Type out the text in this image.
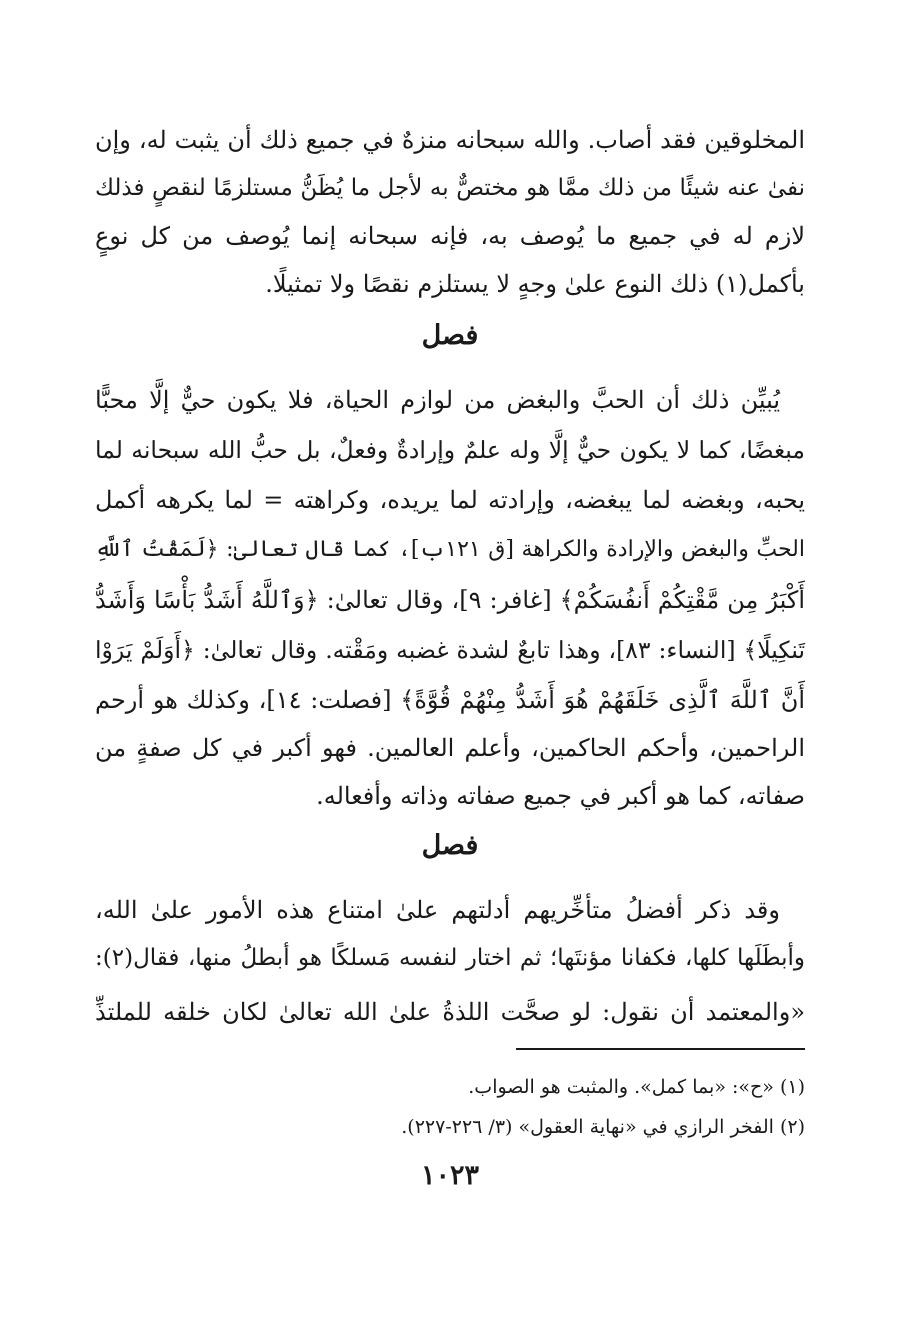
المخلوقين فقد أصاب. والله سبحانه منزهٌ في جميع ذلك أن يثبت له، وإن
نفىٰ عنه شيئًا من ذلك ممَّا هو مختصٌّ به لأجل ما يُظَنُّ مستلزمًا لنقصٍ فذلك
لازم له في جميع ما يُوصف به، فإنه سبحانه إنما يُوصف من كل نوعٍ
بأكمل(١) ذلك النوع علىٰ وجهٍ لا يستلزم نقصًا ولا تمثيلًا.
فصل
يُبيِّن ذلك أن الحبَّ والبغض من لوازم الحياة، فلا يكون حيٌّ إلَّا محبًّا
مبغضًا، كما لا يكون حيٌّ إلَّا وله علمٌ وإرادةٌ وفعلٌ، بل حبُّ الله سبحانه لما
يحبه، وبغضه لما يبغضه، وإرادته لما يريده، وكراهته = لما يكرهه أكمل
الحبِّ والبغض والإرادة والكراهة [ق ١٢١ب]، كما قال تعالىٰ: ﴿لَمَقْتُ ٱللَّهِ
أَكْبَرُ مِن مَّقْتِكُمْ أَنفُسَكُمْ﴾ [غافر: ٩]، وقال تعالىٰ: ﴿وَٱللَّهُ أَشَدُّ بَأْسًا وَأَشَدُّ
تَنكِيلًا﴾ [النساء: ٨٣]، وهذا تابعٌ لشدة غضبه ومَقْته. وقال تعالىٰ: ﴿أَوَلَمْ يَرَوْا
أَنَّ ٱللَّهَ ٱلَّذِى خَلَقَهُمْ هُوَ أَشَدُّ مِنْهُمْ قُوَّةً﴾ [فصلت: ١٤]، وكذلك هو أرحم
الراحمين، وأحكم الحاكمين، وأعلم العالمين. فهو أكبر في كل صفةٍ من
صفاته، كما هو أكبر في جميع صفاته وذاته وأفعاله.
فصل
وقد ذكر أفضلُ متأخِّريهم أدلتهم علىٰ امتناع هذه الأمور علىٰ الله،
وأبطَلَها كلها، فكفانا مؤنتَها؛ ثم اختار لنفسه مَسلكًا هو أبطلُ منها، فقال(٢):
«والمعتمد أن نقول: لو صحَّت اللذةُ علىٰ الله تعالىٰ لكان خلقه للملتذِّ
(١) «ح»: «بما كمل». والمثبت هو الصواب.
(٢) الفخر الرازي في «نهاية العقول» (٣/ ٢٢٦-٢٢٧).
١٠٢٣
